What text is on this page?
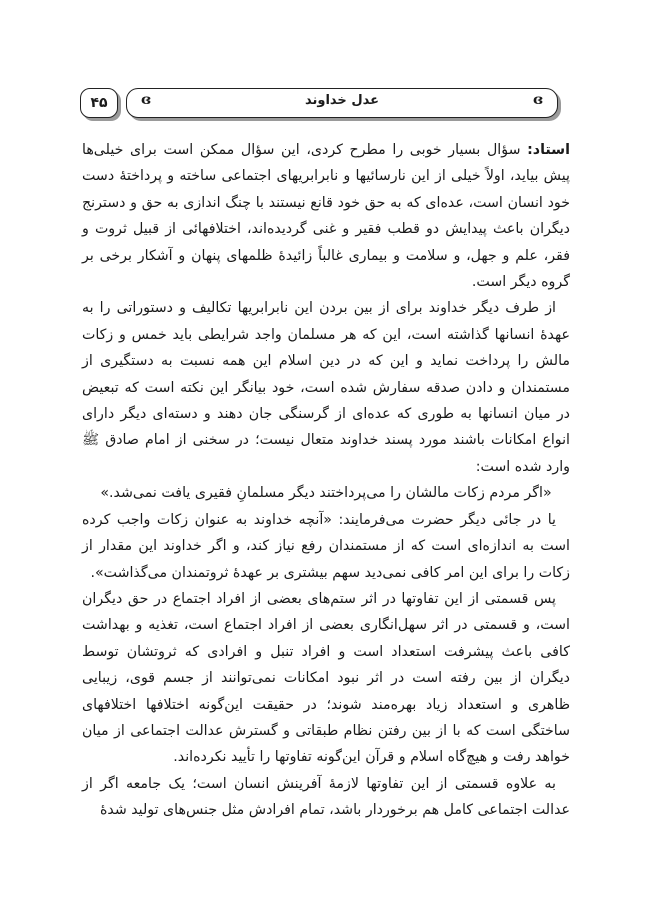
۴۵ ɞ	عدل خداوند	ɞ

استاد: سؤال بسیار خوبی را مطرح کردی، این سؤال ممکن است برای خیلی‌ها پیش بیاید، اولاً خیلی از این نارسائیها و نابرابریهای اجتماعی ساخته و پرداختهٔ دست خود انسان است، عده‌ای که به حق خود قانع نیستند با چنگ اندازی به حق و دسترنج دیگران باعث پیدایش دو قطب فقیر و غنی گردیده‌اند، اختلافهائی از قبیل ثروت و فقر، علم و جهل، و سلامت و بیماری غالباً زائیدهٔ ظلمهای پنهان و آشکار برخی بر گروه دیگر است.

از طرف دیگر خداوند برای از بین بردن این نابرابریها تکالیف و دستوراتی را به عهدهٔ انسانها گذاشته است، این که هر مسلمان واجد شرایطی باید خمس و زکات مالش را پرداخت نماید و این که در دین اسلام این همه نسبت به دستگیری از مستمندان و دادن صدقه سفارش شده است، خود بیانگر این نکته است که تبعیض در میان انسانها به طوری که عده‌ای از گرسنگی جان دهند و دسته‌ای دیگر دارای انواع امکانات باشند مورد پسند خداوند متعال نیست؛ در سخنی از امام صادق ﷺ وارد شده است:

«اگر مردم زکات مالشان را می‌پرداختند دیگر مسلمانِ فقیری یافت نمی‌شد.»

یا در جائی دیگر حضرت می‌فرمایند: «آنچه خداوند به عنوان زکات واجب کرده است به اندازه‌ای است که از مستمندان رفع نیاز کند، و اگر خداوند این مقدار از زکات را برای این امر کافی نمی‌دید سهم بیشتری بر عهدهٔ ثروتمندان می‌گذاشت».

پس قسمتی از این تفاوتها در اثر ستم‌های بعضی از افراد اجتماع در حق دیگران است، و قسمتی در اثر سهل‌انگاری بعضی از افراد اجتماع است، تغذیه و بهداشت کافی باعث پیشرفت استعداد است و افراد تنبل و افرادی که ثروتشان توسط دیگران از بین رفته است در اثر نبود امکانات نمی‌توانند از جسم قوی، زیبایی ظاهری و استعداد زیاد بهره‌مند شوند؛ در حقیقت این‌گونه اختلافها اختلافهای ساختگی است که با از بین رفتن نظام طبقاتی و گسترش عدالت اجتماعی از میان خواهد رفت و هیچ‌گاه اسلام و قرآن این‌گونه تفاوتها را تأیید نکرده‌اند.

به علاوه قسمتی از این تفاوتها لازمهٔ آفرینش انسان است؛ یک جامعه اگر از عدالت اجتماعی کامل هم برخوردار باشد، تمام افرادش مثل جنس‌های تولید شدهٔ
